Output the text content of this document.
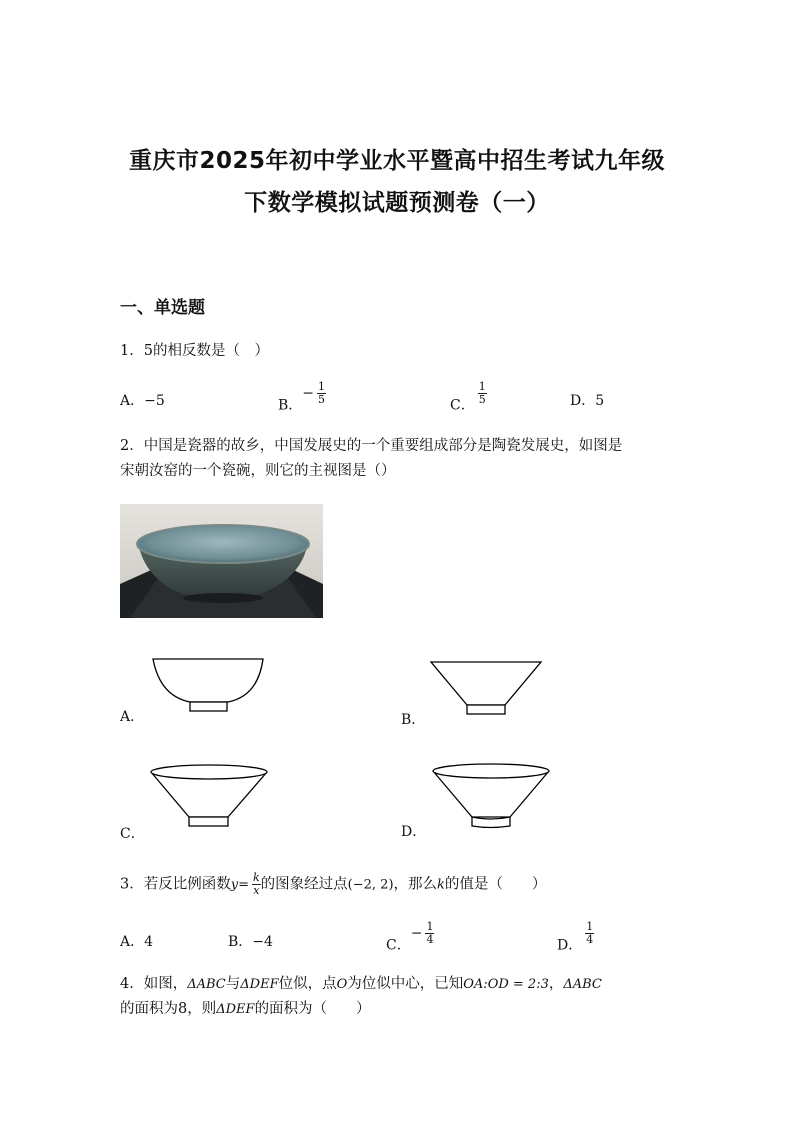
重庆市2025年初中学业水平暨高中招生考试九年级
下数学模拟试题预测卷（一）
一、单选题
1．5的相反数是（　）
A．−5	B．− $\frac{1}{5}$	C． $\frac{1}{5}$	D．5
2．中国是瓷器的故乡，中国发展史的一个重要组成部分是陶瓷发展史，如图是
宋朝汝窑的一个瓷碗，则它的主视图是（）
A．	B．
C．	D．
3．若反比例函数$y= \frac{k}{x}$ 的图象经过点(−2, 2)，那么k的值是（　　）
A．4	B．−4	C．− $\frac{1}{4}$	D． $\frac{1}{4}$
4．如图，ΔABC与ΔDEF位似，点O为位似中心，已知OA:OD = 2:3，ΔABC
的面积为8，则ΔDEF的面积为（　　）
